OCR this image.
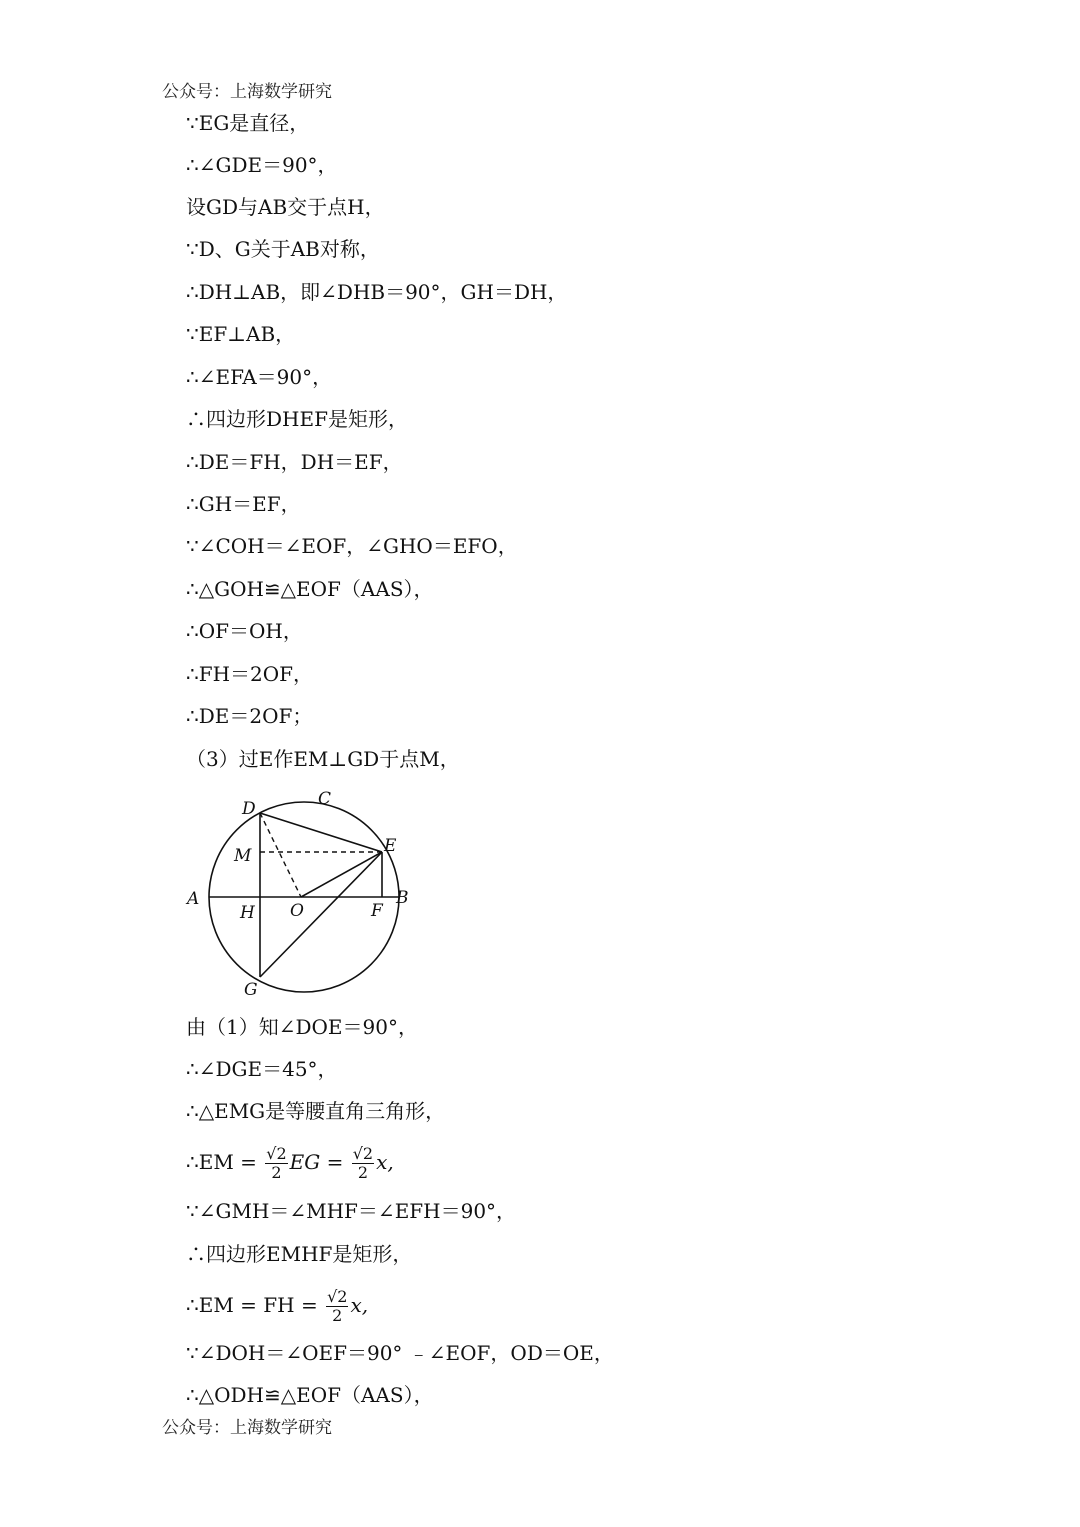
公众号：上海数学研究
∵EG是直径，
∴∠GDE＝90°，
设GD与AB交于点H，
∵D、G关于AB对称，
∴DH⊥AB，即∠DHB＝90°，GH＝DH，
∵EF⊥AB，
∴∠EFA＝90°，
∴四边形DHEF是矩形，
∴DE＝FH，DH＝EF，
∴GH＝EF，
∵∠COH＝∠EOF，∠GHO＝EFO，
∴△GOH≌△EOF（AAS），
∴OF＝OH，
∴FH＝2OF，
∴DE＝2OF；
（3）过E作EM⊥GD于点M，
D	C
M	E
A
H O	F
B
G
由（1）知∠DOE＝90°，
∴∠DGE＝45°，
∴△EMG是等腰直角三角形，
∴EM = $\frac{√2}{2}$ EG = $\frac{√2}{2} x$,
∵∠GMH＝∠MHF＝∠EFH＝90°，
∴四边形EMHF是矩形，
∴EM = FH = $\frac{√2}{2} x$,
∵∠DOH＝∠OEF＝90° ﹣∠EOF，OD＝OE，
∴△ODH≌△EOF（AAS），
公众号：上海数学研究
